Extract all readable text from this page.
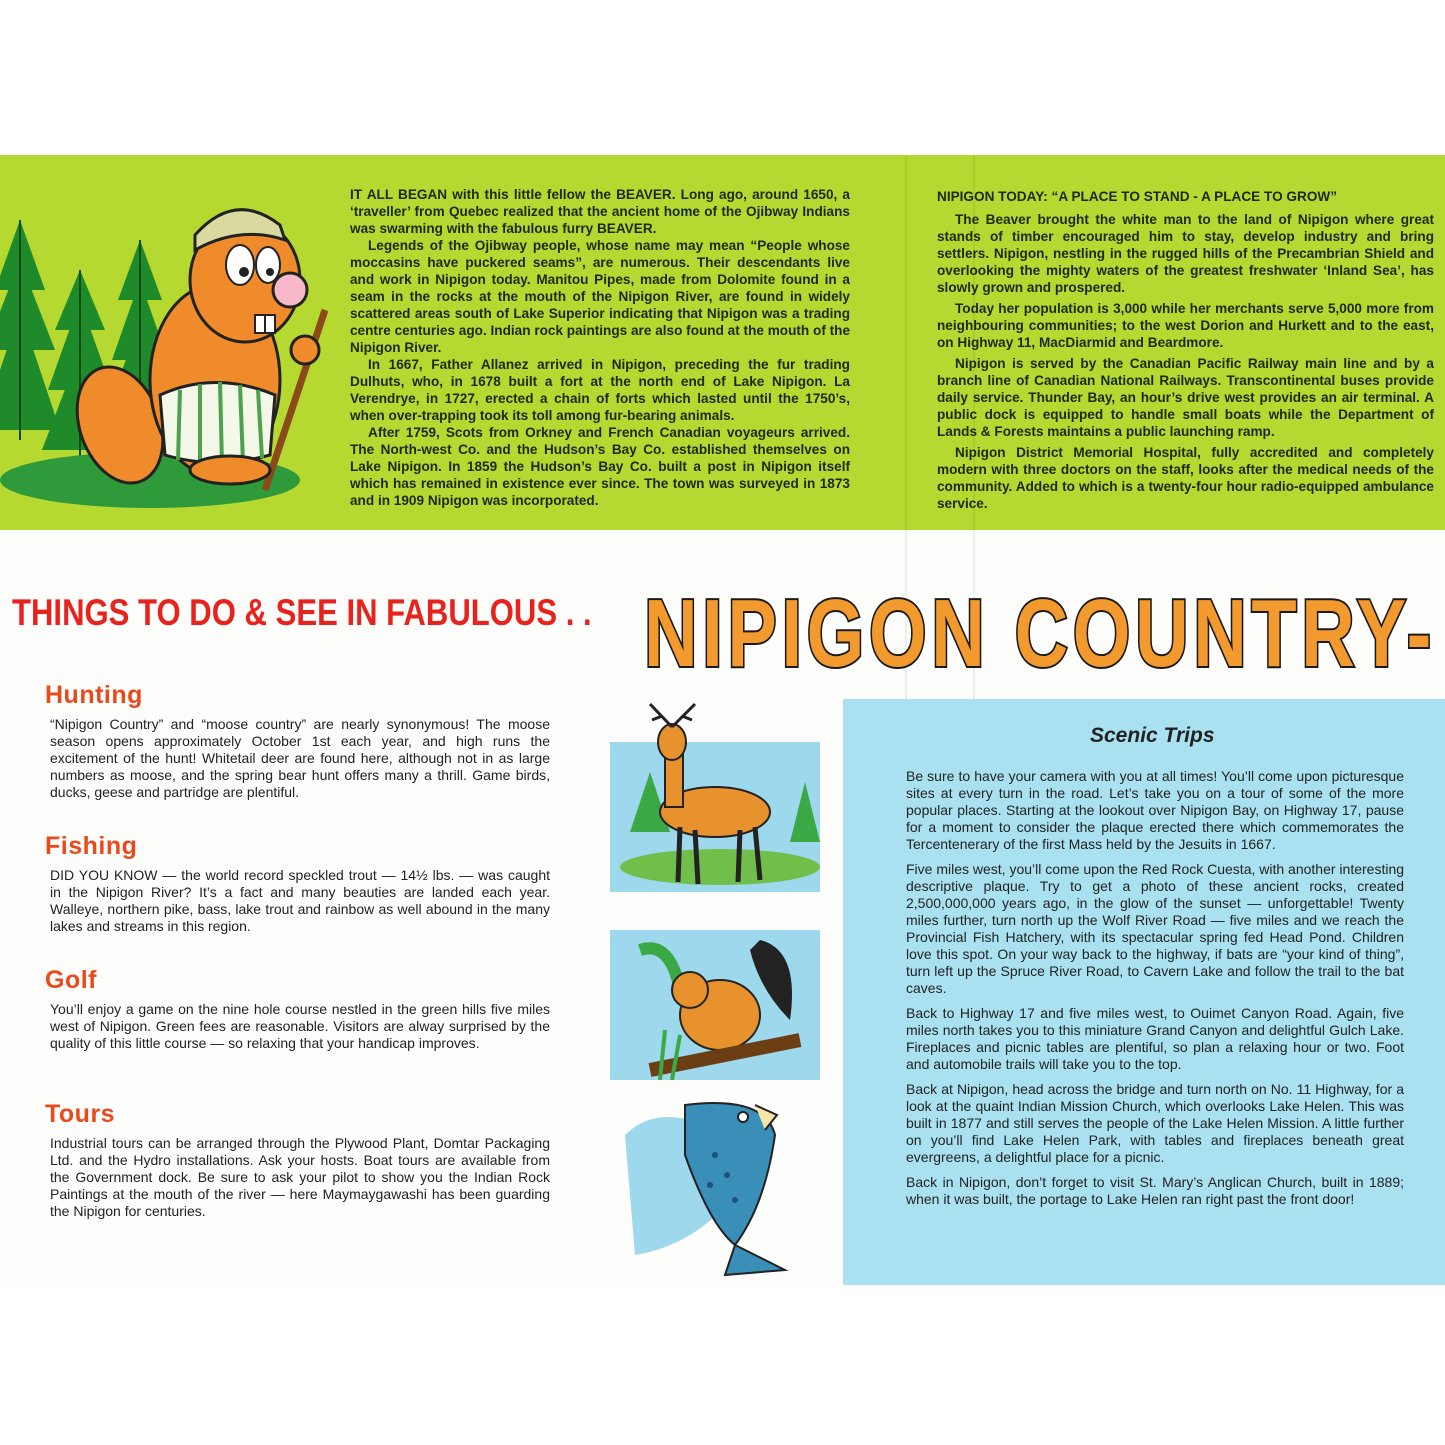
IT ALL BEGAN with this little fellow the BEAVER. Long ago, around 1650, a ‘traveller’ from Quebec realized that the ancient home of the Ojibway Indians was swarming with the fabulous furry BEAVER.

Legends of the Ojibway people, whose name may mean “People whose moccasins have puckered seams”, are numerous. Their descendants live and work in Nipigon today. Manitou Pipes, made from Dolomite found in a seam in the rocks at the mouth of the Nipigon River, are found in widely scattered areas south of Lake Superior indicating that Nipigon was a trading centre centuries ago. Indian rock paintings are also found at the mouth of the Nipigon River.

In 1667, Father Allanez arrived in Nipigon, preceding the fur trading Dulhuts, who, in 1678 built a fort at the north end of Lake Nipigon. La Verendrye, in 1727, erected a chain of forts which lasted until the 1750’s, when over-trapping took its toll among fur-bearing animals.

After 1759, Scots from Orkney and French Canadian voyageurs arrived. The North-west Co. and the Hudson’s Bay Co. established themselves on Lake Nipigon. In 1859 the Hudson’s Bay Co. built a post in Nipigon itself which has remained in existence ever since. The town was surveyed in 1873 and in 1909 Nipigon was incorporated.

NIPIGON TODAY: “A PLACE TO STAND - A PLACE TO GROW”

The Beaver brought the white man to the land of Nipigon where great stands of timber encouraged him to stay, develop industry and bring settlers. Nipigon, nestling in the rugged hills of the Precambrian Shield and overlooking the mighty waters of the greatest freshwater ‘Inland Sea’, has slowly grown and prospered.

Today her population is 3,000 while her merchants serve 5,000 more from neighbouring communities; to the west Dorion and Hurkett and to the east, on Highway 11, MacDiarmid and Beardmore.

Nipigon is served by the Canadian Pacific Railway main line and by a branch line of Canadian National Railways. Transcontinental buses provide daily service. Thunder Bay, an hour’s drive west provides an air terminal. A public dock is equipped to handle small boats while the Department of Lands & Forests maintains a public launching ramp.

Nipigon District Memorial Hospital, fully accredited and completely modern with three doctors on the staff, looks after the medical needs of the community. Added to which is a twenty-four hour radio-equipped ambulance service.

THINGS TO DO & SEE IN FABULOUS . . NIPIGON COUNTRY-
Hunting

“Nipigon Country” and “moose country” are nearly synonymous! The moose season opens approximately October 1st each year, and high runs the excitement of the hunt! Whitetail deer are found here, although not in as large numbers as moose, and the spring bear hunt offers many a thrill. Game birds, ducks, geese and partridge are plentiful.

Fishing

DID YOU KNOW — the world record speckled trout — 14½ lbs. — was caught in the Nipigon River? It’s a fact and many beauties are landed each year. Walleye, northern pike, bass, lake trout and rainbow as well abound in the many lakes and streams in this region.

Golf

You’ll enjoy a game on the nine hole course nestled in the green hills five miles west of Nipigon. Green fees are reasonable. Visitors are alway surprised by the quality of this little course — so relaxing that your handicap improves.

Tours

Industrial tours can be arranged through the Plywood Plant, Domtar Packaging Ltd. and the Hydro installations. Ask your hosts. Boat tours are available from the Government dock. Be sure to ask your pilot to show you the Indian Rock Paintings at the mouth of the river — here Maymaygawashi has been guarding the Nipigon for centuries.

Scenic Trips

Be sure to have your camera with you at all times! You’ll come upon picturesque sites at every turn in the road. Let’s take you on a tour of some of the more popular places. Starting at the lookout over Nipigon Bay, on Highway 17, pause for a moment to consider the plaque erected there which commemorates the Tercentenerary of the first Mass held by the Jesuits in 1667.

Five miles west, you’ll come upon the Red Rock Cuesta, with another interesting descriptive plaque. Try to get a photo of these ancient rocks, created 2,500,000,000 years ago, in the glow of the sunset — unforgettable! Twenty miles further, turn north up the Wolf River Road — five miles and we reach the Provincial Fish Hatchery, with its spectacular spring fed Head Pond. Children love this spot. On your way back to the highway, if bats are “your kind of thing”, turn left up the Spruce River Road, to Cavern Lake and follow the trail to the bat caves.

Back to Highway 17 and five miles west, to Ouimet Canyon Road. Again, five miles north takes you to this miniature Grand Canyon and delightful Gulch Lake. Fireplaces and picnic tables are plentiful, so plan a relaxing hour or two. Foot and automobile trails will take you to the top.

Back at Nipigon, head across the bridge and turn north on No. 11 Highway, for a look at the quaint Indian Mission Church, which overlooks Lake Helen. This was built in 1877 and still serves the people of the Lake Helen Mission. A little further on you’ll find Lake Helen Park, with tables and fireplaces beneath great evergreens, a delightful place for a picnic.

Back in Nipigon, don’t forget to visit St. Mary’s Anglican Church, built in 1889; when it was built, the portage to Lake Helen ran right past the front door!
